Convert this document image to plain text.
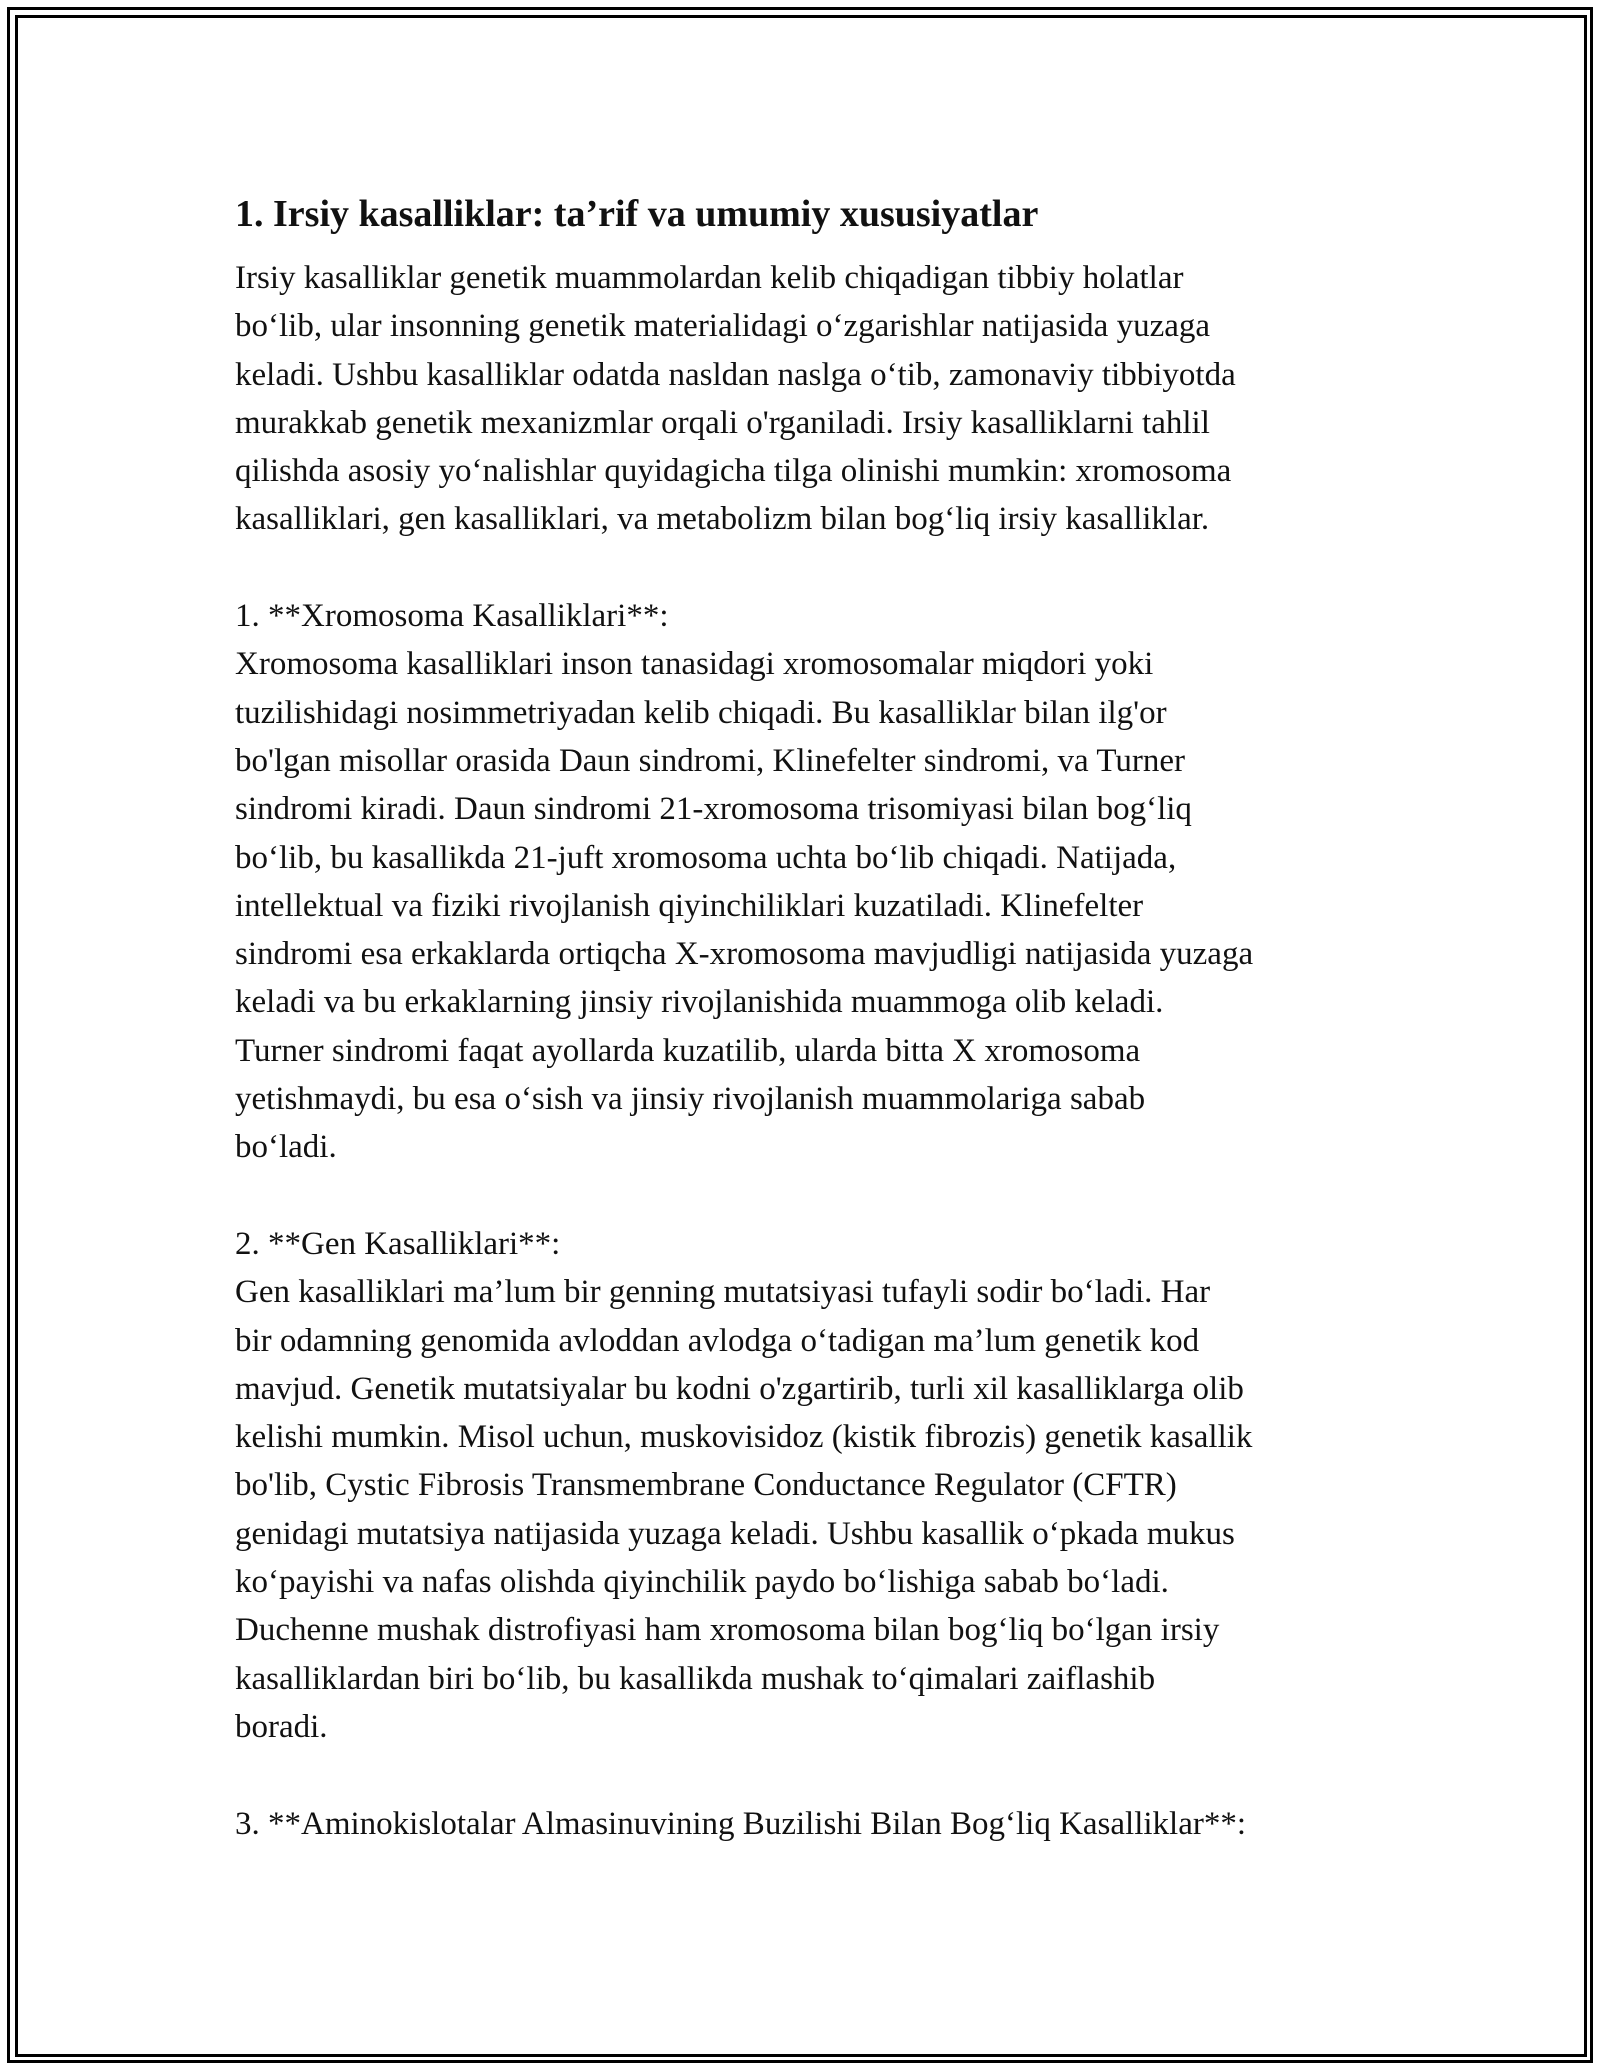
1. Irsiy kasalliklar: ta’rif va umumiy xususiyatlar

Irsiy kasalliklar genetik muammolardan kelib chiqadigan tibbiy holatlar
bo‘lib, ular insonning genetik materialidagi o‘zgarishlar natijasida yuzaga
keladi. Ushbu kasalliklar odatda nasldan naslga o‘tib, zamonaviy tibbiyotda
murakkab genetik mexanizmlar orqali o'rganiladi. Irsiy kasalliklarni tahlil
qilishda asosiy yo‘nalishlar quyidagicha tilga olinishi mumkin: xromosoma
kasalliklari, gen kasalliklari, va metabolizm bilan bog‘liq irsiy kasalliklar.

1. **Xromosoma Kasalliklari**:

Xromosoma kasalliklari inson tanasidagi xromosomalar miqdori yoki
tuzilishidagi nosimmetriyadan kelib chiqadi. Bu kasalliklar bilan ilg'or
bo'lgan misollar orasida Daun sindromi, Klinefelter sindromi, va Turner
sindromi kiradi. Daun sindromi 21-xromosoma trisomiyasi bilan bog‘liq
bo‘lib, bu kasallikda 21-juft xromosoma uchta bo‘lib chiqadi. Natijada,
intellektual va fiziki rivojlanish qiyinchiliklari kuzatiladi. Klinefelter
sindromi esa erkaklarda ortiqcha X-xromosoma mavjudligi natijasida yuzaga
keladi va bu erkaklarning jinsiy rivojlanishida muammoga olib keladi.
Turner sindromi faqat ayollarda kuzatilib, ularda bitta X xromosoma
yetishmaydi, bu esa o‘sish va jinsiy rivojlanish muammolariga sabab
bo‘ladi.

2. **Gen Kasalliklari**:

Gen kasalliklari ma’lum bir genning mutatsiyasi tufayli sodir bo‘ladi. Har
bir odamning genomida avloddan avlodga o‘tadigan ma’lum genetik kod
mavjud. Genetik mutatsiyalar bu kodni o'zgartirib, turli xil kasalliklarga olib
kelishi mumkin. Misol uchun, muskovisidoz (kistik fibrozis) genetik kasallik
bo'lib, Cystic Fibrosis Transmembrane Conductance Regulator (CFTR)
genidagi mutatsiya natijasida yuzaga keladi. Ushbu kasallik o‘pkada mukus
ko‘payishi va nafas olishda qiyinchilik paydo bo‘lishiga sabab bo‘ladi.
Duchenne mushak distrofiyasi ham xromosoma bilan bog‘liq bo‘lgan irsiy
kasalliklardan biri bo‘lib, bu kasallikda mushak to‘qimalari zaiflashib
boradi.

3. **Aminokislotalar Almasinuvining Buzilishi Bilan Bog‘liq Kasalliklar**:
